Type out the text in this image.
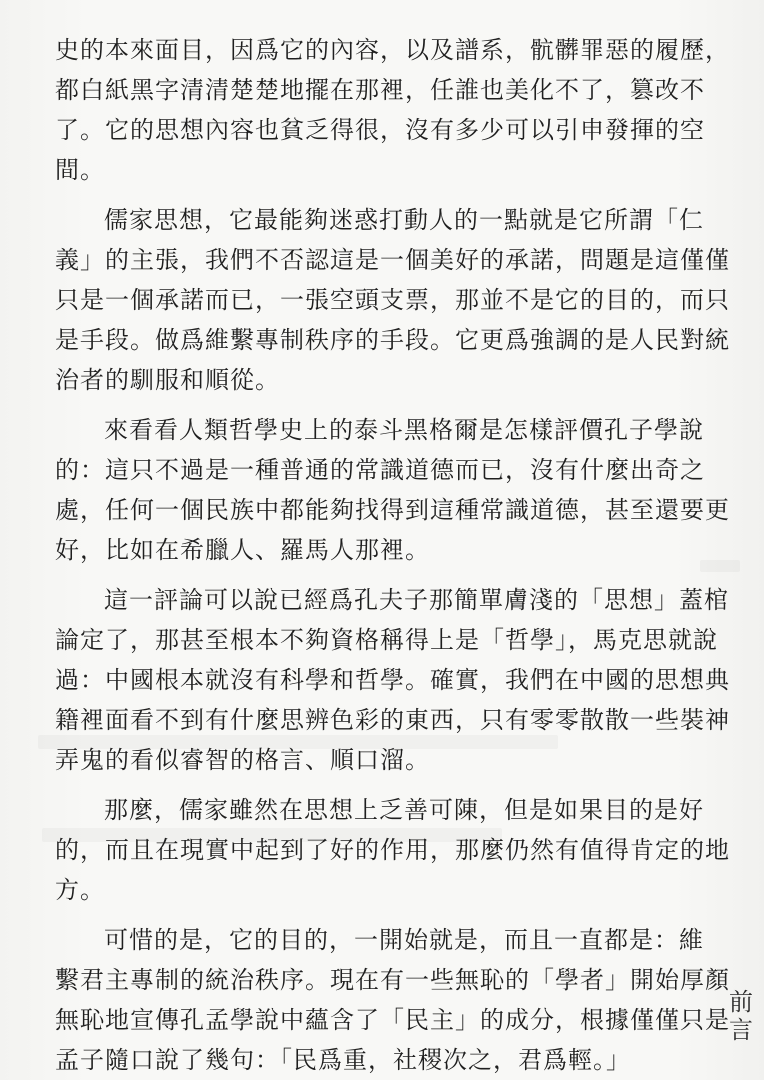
史的本來面目，因爲它的內容，以及譜系，骯髒罪惡的履歷，
都白紙黑字清清楚楚地擺在那裡，任誰也美化不了，篡改不
了。它的思想內容也貧乏得很，沒有多少可以引申發揮的空
間。
儒家思想，它最能夠迷惑打動人的一點就是它所謂「仁
義」的主張，我們不否認這是一個美好的承諾，問題是這僅僅
只是一個承諾而已，一張空頭支票，那並不是它的目的，而只
是手段。做爲維繫專制秩序的手段。它更爲強調的是人民對統
治者的馴服和順從。
來看看人類哲學史上的泰斗黑格爾是怎樣評價孔子學說
的：這只不過是一種普通的常識道德而已，沒有什麼出奇之
處，任何一個民族中都能夠找得到這種常識道德，甚至還要更
好，比如在希臘人、羅馬人那裡。
這一評論可以說已經爲孔夫子那簡單膚淺的「思想」蓋棺
論定了，那甚至根本不夠資格稱得上是「哲學」，馬克思就說
過：中國根本就沒有科學和哲學。確實，我們在中國的思想典
籍裡面看不到有什麼思辨色彩的東西，只有零零散散一些裝神
弄鬼的看似睿智的格言、順口溜。
那麼，儒家雖然在思想上乏善可陳，但是如果目的是好
的，而且在現實中起到了好的作用，那麼仍然有值得肯定的地
方。
可惜的是，它的目的，一開始就是，而且一直都是：維
繫君主專制的統治秩序。現在有一些無恥的「學者」開始厚顏
無恥地宣傳孔孟學說中蘊含了「民主」的成分，根據僅僅只是
孟子隨口說了幾句：「民爲重，社稷次之，君爲輕。」
前
言
